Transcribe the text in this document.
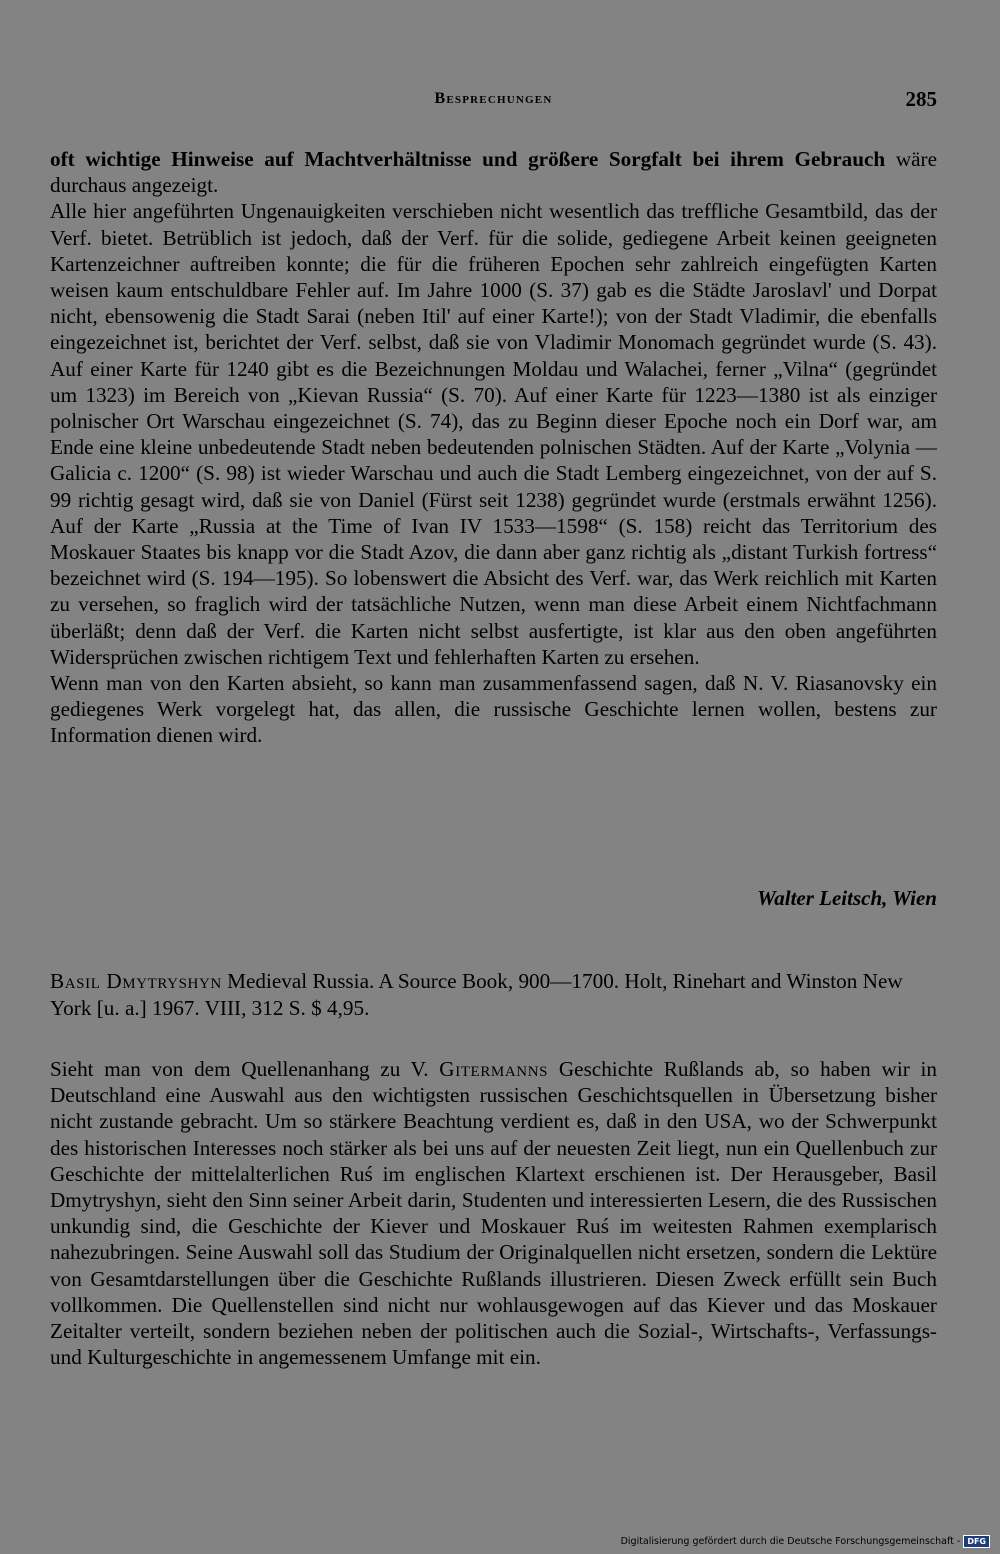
Besprechungen	285

oft wichtige Hinweise auf Machtverhältnisse und größere Sorgfalt bei ihrem Gebrauch wäre durchaus angezeigt.

Alle hier angeführten Ungenauigkeiten verschieben nicht wesentlich das treffliche Gesamtbild, das der Verf. bietet. Betrüblich ist jedoch, daß der Verf. für die solide, gediegene Arbeit keinen geeigneten Kartenzeichner auftreiben konnte; die für die früheren Epochen sehr zahlreich eingefügten Karten weisen kaum entschuldbare Fehler auf. Im Jahre 1000 (S. 37) gab es die Städte Jaroslavl' und Dorpat nicht, ebensowenig die Stadt Sarai (neben Itil' auf einer Karte!); von der Stadt Vladimir, die ebenfalls eingezeichnet ist, berichtet der Verf. selbst, daß sie von Vladimir Monomach gegründet wurde (S. 43). Auf einer Karte für 1240 gibt es die Bezeichnungen Moldau und Walachei, ferner „Vilna“ (gegründet um 1323) im Bereich von „Kievan Russia“ (S. 70). Auf einer Karte für 1223—1380 ist als einziger polnischer Ort Warschau eingezeichnet (S. 74), das zu Beginn dieser Epoche noch ein Dorf war, am Ende eine kleine unbedeutende Stadt neben bedeutenden polnischen Städten. Auf der Karte „Volynia — Galicia c. 1200“ (S. 98) ist wieder Warschau und auch die Stadt Lemberg eingezeichnet, von der auf S. 99 richtig gesagt wird, daß sie von Daniel (Fürst seit 1238) gegründet wurde (erstmals erwähnt 1256). Auf der Karte „Russia at the Time of Ivan IV 1533—1598“ (S. 158) reicht das Territorium des Moskauer Staates bis knapp vor die Stadt Azov, die dann aber ganz richtig als „distant Turkish fortress“ bezeichnet wird (S. 194—195). So lobenswert die Absicht des Verf. war, das Werk reichlich mit Karten zu versehen, so fraglich wird der tatsächliche Nutzen, wenn man diese Arbeit einem Nichtfachmann überläßt; denn daß der Verf. die Karten nicht selbst ausfertigte, ist klar aus den oben angeführten Widersprüchen zwischen richtigem Text und fehlerhaften Karten zu ersehen.

Wenn man von den Karten absieht, so kann man zusammenfassend sagen, daß N. V. Riasanovsky ein gediegenes Werk vorgelegt hat, das allen, die russische Geschichte lernen wollen, bestens zur Information dienen wird.

Walter Leitsch, Wien
Basil Dmytryshyn Medieval Russia. A Source Book, 900—1700. Holt, Rinehart and Winston New York [u. a.] 1967. VIII, 312 S. $ 4,95.

Sieht man von dem Quellenanhang zu V. Gitermanns Geschichte Rußlands ab, so haben wir in Deutschland eine Auswahl aus den wichtigsten russischen Geschichtsquellen in Übersetzung bisher nicht zustande gebracht. Um so stärkere Beachtung verdient es, daß in den USA, wo der Schwerpunkt des historischen Interesses noch stärker als bei uns auf der neuesten Zeit liegt, nun ein Quellenbuch zur Geschichte der mittelalterlichen Ruś im englischen Klartext erschienen ist. Der Herausgeber, Basil Dmytryshyn, sieht den Sinn seiner Arbeit darin, Studenten und interessierten Lesern, die des Russischen unkundig sind, die Geschichte der Kiever und Moskauer Ruś im weitesten Rahmen exemplarisch nahezubringen. Seine Auswahl soll das Studium der Originalquellen nicht ersetzen, sondern die Lektüre von Gesamtdarstellungen über die Geschichte Rußlands illustrieren. Diesen Zweck erfüllt sein Buch vollkommen. Die Quellenstellen sind nicht nur wohlausgewogen auf das Kiever und das Moskauer Zeitalter verteilt, sondern beziehen neben der politischen auch die Sozial-, Wirtschafts-, Verfassungs- und Kulturgeschichte in angemessenem Umfange mit ein.

Digitalisierung gefördert durch die Deutsche Forschungsgemeinschaft - DFG
